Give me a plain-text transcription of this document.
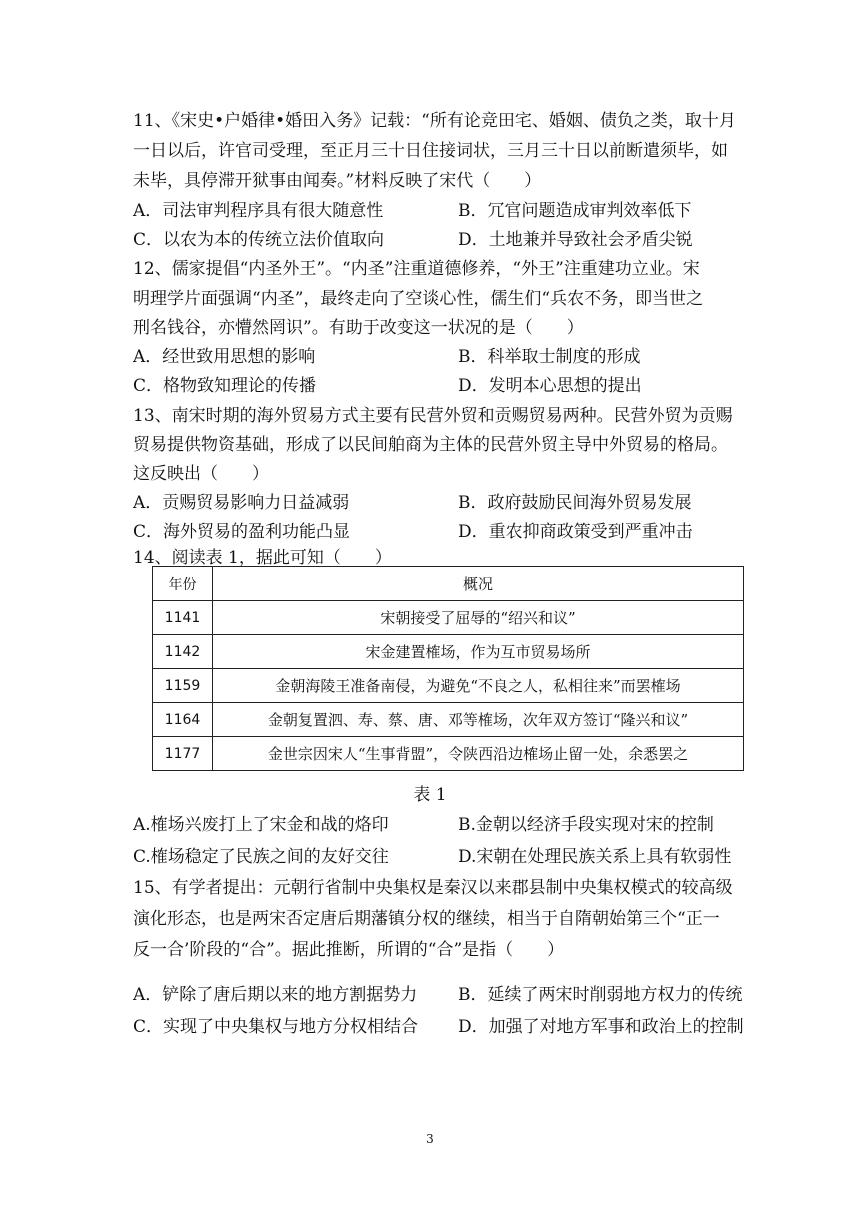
11、《宋史•户婚律•婚田入务》记载：“所有论竞田宅、婚姻、债负之类，取十月
一日以后，许官司受理，至正月三十日住接词状，三月三十日以前断遣须毕，如
未毕，具停滞开狱事由闻奏。”材料反映了宋代（　　）
A．司法审判程序具有很大随意性	B．冗官问题造成审判效率低下
C．以农为本的传统立法价值取向	D．土地兼并导致社会矛盾尖锐
12、儒家提倡“内圣外王”。“内圣”注重道德修养，“外王”注重建功立业。宋
明理学片面强调“内圣”，最终走向了空谈心性，儒生们“兵农不务，即当世之
刑名钱谷，亦懵然罔识”。有助于改变这一状况的是（　　）
A．经世致用思想的影响	B．科举取士制度的形成
C．格物致知理论的传播	D．发明本心思想的提出
13、南宋时期的海外贸易方式主要有民营外贸和贡赐贸易两种。民营外贸为贡赐
贸易提供物资基础，形成了以民间舶商为主体的民营外贸主导中外贸易的格局。
这反映出（　　）
A．贡赐贸易影响力日益减弱	B．政府鼓励民间海外贸易发展
C．海外贸易的盈利功能凸显	D．重农抑商政策受到严重冲击
14、阅读表 1，据此可知（　　）
年份	概况
1141	宋朝接受了屈辱的“绍兴和议”
1142	宋金建置榷场，作为互市贸易场所
1159	金朝海陵王准备南侵，为避免“不良之人，私相往来”而罢榷场
1164	金朝复置泗、寿、蔡、唐、邓等榷场，次年双方签订“隆兴和议”
1177	金世宗因宋人“生事背盟”，令陕西沿边榷场止留一处，余悉罢之
表 1
A.榷场兴废打上了宋金和战的烙印	B.金朝以经济手段实现对宋的控制
C.榷场稳定了民族之间的友好交往	D.宋朝在处理民族关系上具有软弱性
15、有学者提出：元朝行省制中央集权是秦汉以来郡县制中央集权模式的较高级
演化形态，也是两宋否定唐后期藩镇分权的继续，相当于自隋朝始第三个“正一
反一合’阶段的“合”。据此推断，所谓的“合”是指（　　）
A．铲除了唐后期以来的地方割据势力 B．延续了两宋时削弱地方权力的传统
C．实现了中央集权与地方分权相结合 D．加强了对地方军事和政治上的控制
3
